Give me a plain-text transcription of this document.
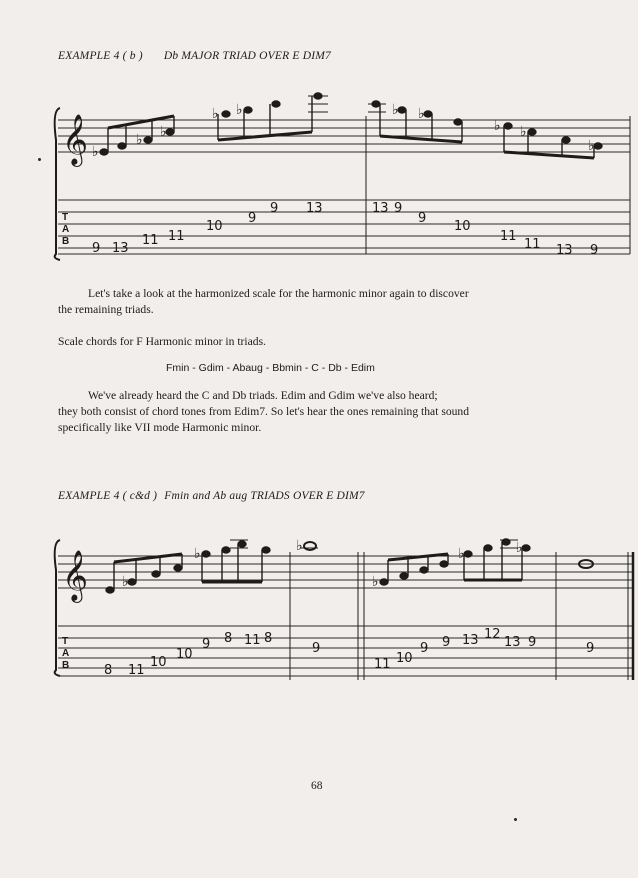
EXAMPLE 4 ( b ) Db MAJOR TRIAD OVER E DIM7
𝄞 ♭
♭ ♭
♭ ♭	♭ ♭
♭ ♭
♭
T
A
B 9 13
11 11
10
9
9 13	13 9
9
10
11
11 13 9
Let's take a look at the harmonized scale for the harmonic minor again to discover
the remaining triads.
Scale chords for F Harmonic minor in triads.
Fmin - Gdim - Abaug - Bbmin - C - Db - Edim
We've already heard the C and Db triads. Edim and Gdim we've also heard;
they both consist of chord tones from Edim7. So let's hear the ones remaining that sound
specifically like VII mode Harmonic minor.
EXAMPLE 4 ( c&d ) Fmin and Ab aug TRIADS OVER E DIM7
𝄞 ♭
♭	♭
♭
♭	♭
T
A
B	8 11
10
10
9 8 11 8
9
11 10
9 9 13 12
13 9	9
68
